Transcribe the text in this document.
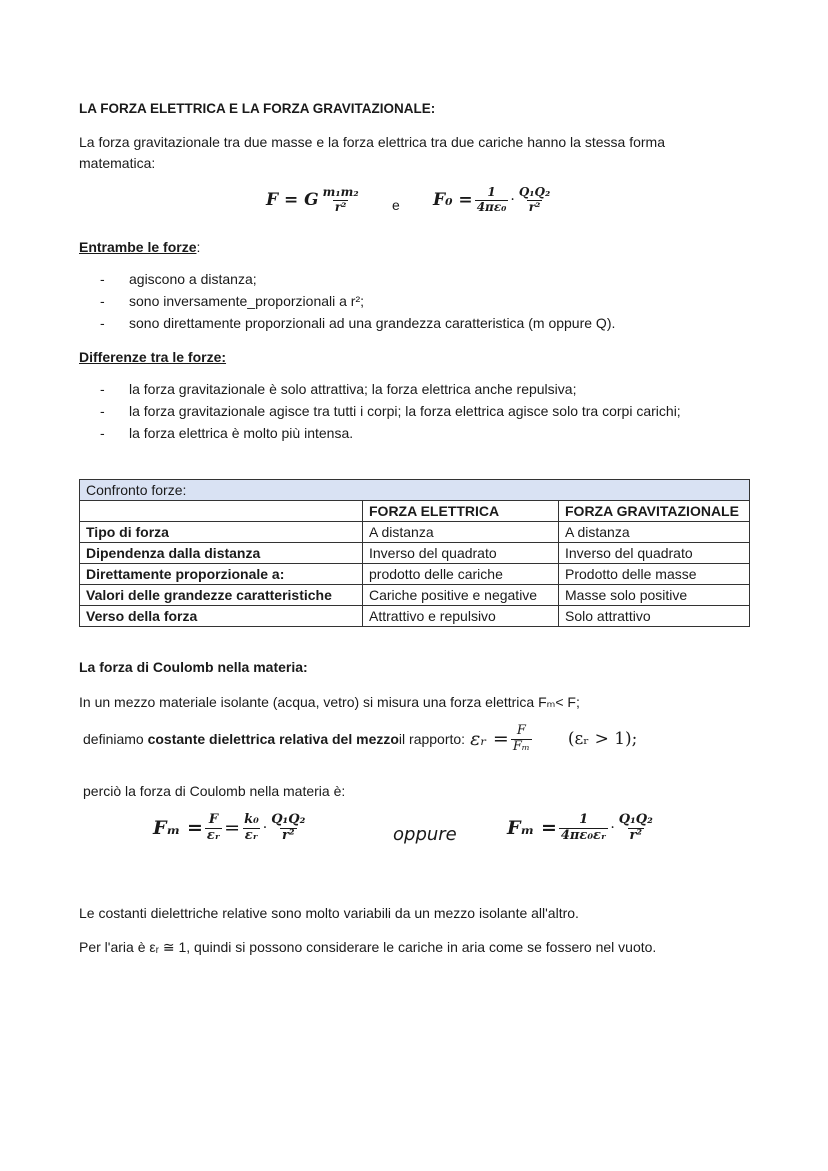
LA FORZA ELETTRICA E LA FORZA GRAVITAZIONALE:
La forza gravitazionale tra due masse e la forza elettrica tra due cariche hanno la stessa forma
matematica:
F = G $\frac{\text{m₁m₂}}{\text{r²}}$ e $F_0 = \frac{1}{\text{4πε₀}} \cdot \frac{\text{Q₁Q₂}}{\text{r²}}$
Entrambe le forze:
- agiscono a distanza;
- sono inversamente_proporzionali a r²;
- sono direttamente proporzionali ad una grandezza caratteristica (m oppure Q).
Differenze tra le forze:
- la forza gravitazionale è solo attrattiva; la forza elettrica anche repulsiva;
- la forza gravitazionale agisce tra tutti i corpi; la forza elettrica agisce solo tra corpi carichi;
- la forza elettrica è molto più intensa.
Confronto forze:		
	FORZA ELETTRICA	FORZA GRAVITAZIONALE
Tipo di forza	A distanza	A distanza
Dipendenza dalla distanza	Inverso del quadrato	Inverso del quadrato
Direttamente proporzionale a:	prodotto delle cariche	Prodotto delle masse
Valori delle grandezze caratteristiche	Cariche positive e negative	Masse solo positive
Verso della forza	Attrattivo e repulsivo	Solo attrattivo
La forza di Coulomb nella materia:
In un mezzo materiale isolante (acqua, vetro) si misura una forza elettrica Fₘ< F;
definiamo
costante dielettrica relativa del mezzo il rapporto: εᵣ = $\frac{F}{\text{Fₘ}}$ (εᵣ > 1);
perciò la forza di Coulomb nella materia è:
$F_m = \frac{F}{\text{εᵣ}} = \frac{\text{k₀}}{\text{εᵣ}} \cdot \frac{\text{Q₁Q₂}}{\text{r²}}$	oppure	$F_m = \frac{1}{\text{4πε₀εᵣ}} \cdot \frac{\text{Q₁Q₂}}{\text{r²}}$
Le costanti dielettriche relative sono molto variabili da un mezzo isolante all'altro.
Per l'aria è εᵣ ≅ 1, quindi si possono considerare le cariche in aria come se fossero nel vuoto.
